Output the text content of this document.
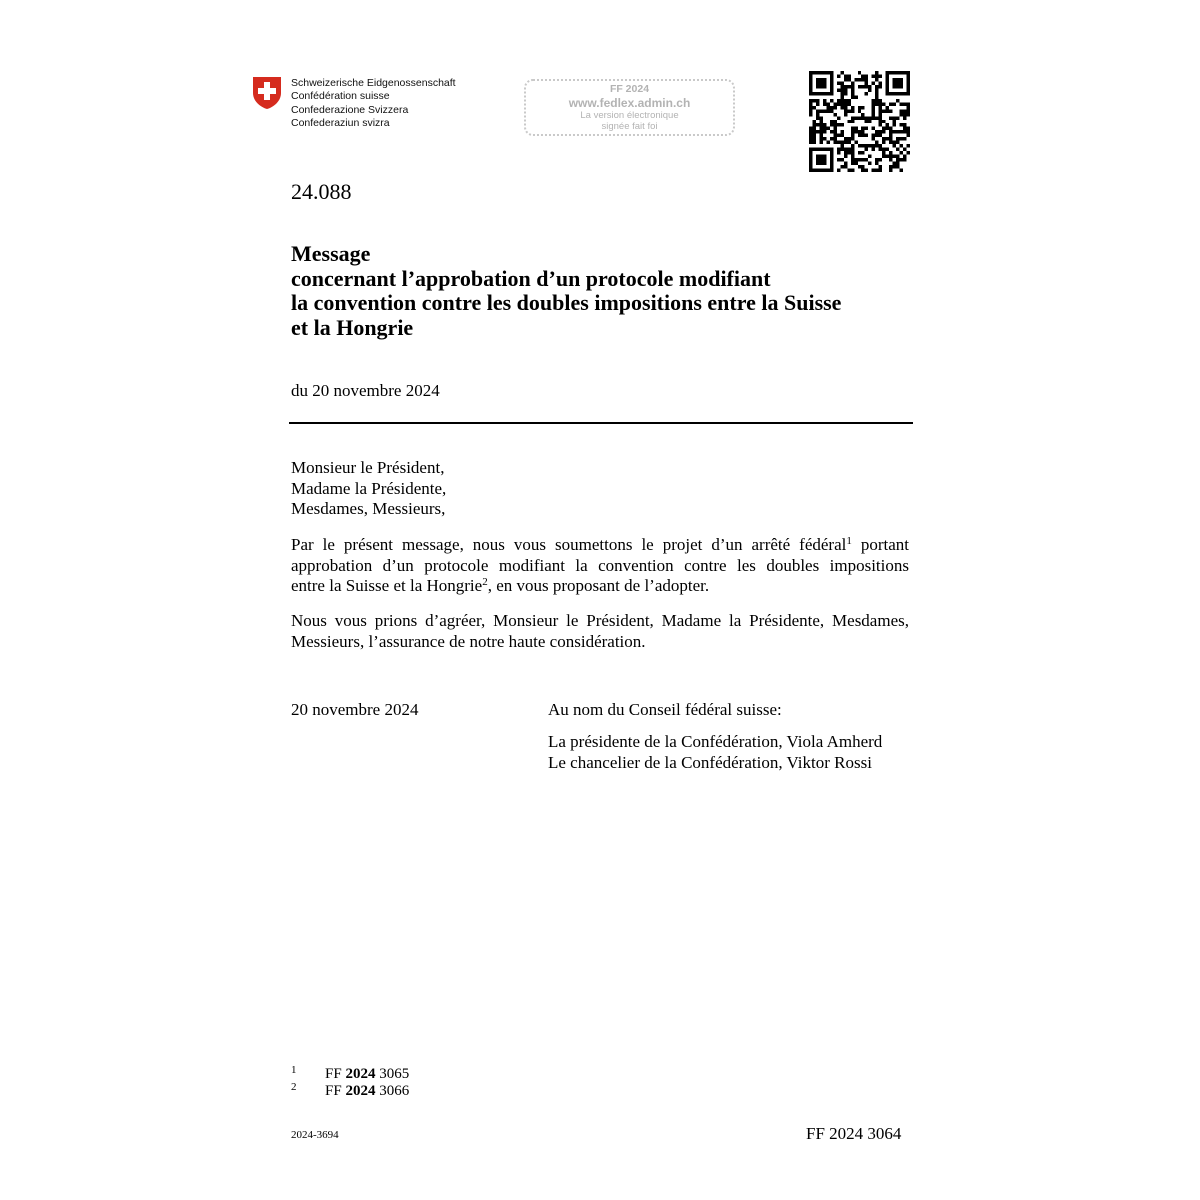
Schweizerische Eidgenossenschaft
Confédération suisse
Confederazione Svizzera
Confederaziun svizra
FF 2024
www.fedlex.admin.ch
La version électronique
signée fait foi
24.088
Message
concernant l’approbation d’un protocole modifiant
la convention contre les doubles impositions entre la Suisse
et la Hongrie
du 20 novembre 2024
Monsieur le Président,
Madame la Présidente,
Mesdames, Messieurs,
Par le présent message, nous vous soumettons le projet d’un arrêté fédéral$^1$ portant
approbation d’un protocole modifiant la convention contre les doubles impositions
entre la Suisse et la Hongrie$^2$, en vous proposant de l’adopter.
Nous vous prions d’agréer, Monsieur le Président, Madame la Présidente, Mesdames,
Messieurs, l’assurance de notre haute considération.
20 novembre 2024	Au nom du Conseil fédéral suisse:
La présidente de la Confédération, Viola Amherd
Le chancelier de la Confédération, Viktor Rossi
1 FF 2024 3065
2 FF 2024 3066
2024-3694	FF 2024 3064
